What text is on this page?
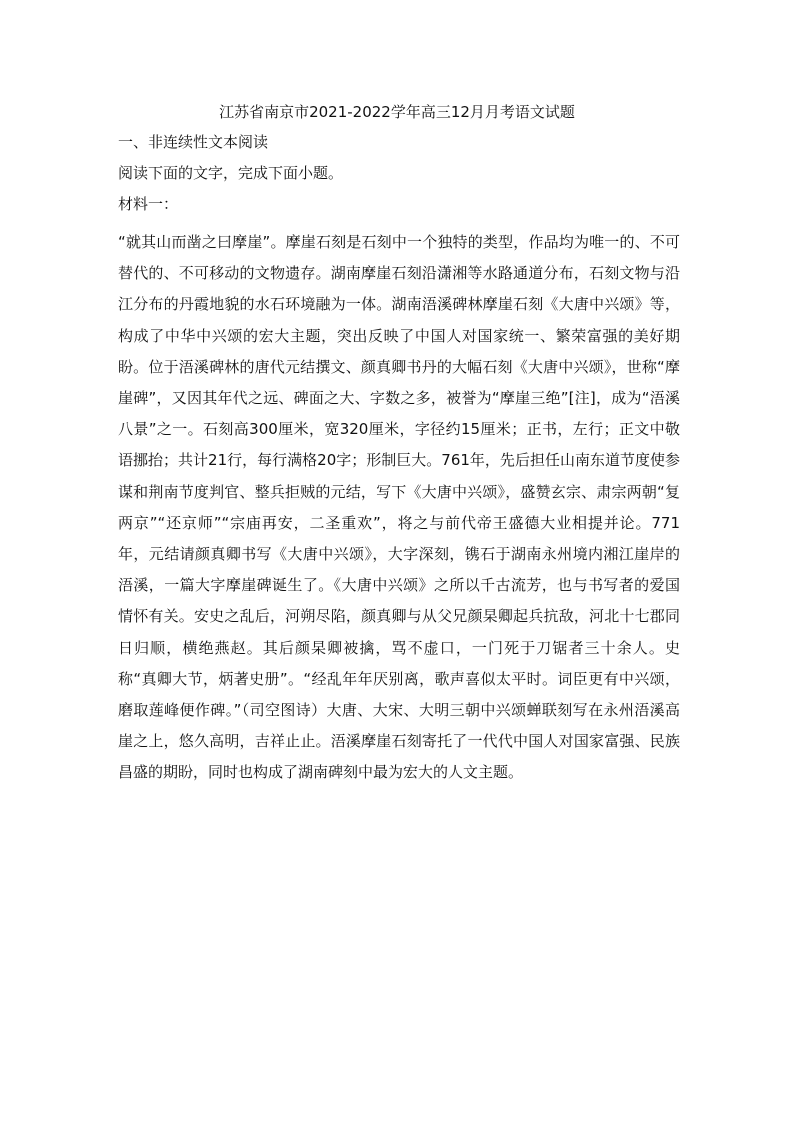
江苏省南京市2021-2022学年高三12月月考语文试题
一、非连续性文本阅读
阅读下面的文字，完成下面小题。
材料一：
“就其山而凿之曰摩崖”。摩崖石刻是石刻中一个独特的类型，作品均为唯一的、不可替代的、不可移动的文物遗存。湖南摩崖石刻沿潇湘等水路通道分布，石刻文物与沿江分布的丹霞地貌的水石环境融为一体。湖南浯溪碑林摩崖石刻《大唐中兴颂》等，构成了中华中兴颂的宏大主题，突出反映了中国人对国家统一、繁荣富强的美好期盼。位于浯溪碑林的唐代元结撰文、颜真卿书丹的大幅石刻《大唐中兴颂》，世称“摩崖碑”，又因其年代之远、碑面之大、字数之多，被誉为“摩崖三绝”[注]，成为“浯溪八景”之一。石刻高300厘米，宽320厘米，字径约15厘米；正书，左行；正文中敬语挪抬；共计21行，每行满格20字；形制巨大。761年，先后担任山南东道节度使参谋和荆南节度判官、整兵拒贼的元结，写下《大唐中兴颂》，盛赞玄宗、肃宗两朝“复两京”“还京师”“宗庙再安，二圣重欢”，将之与前代帝王盛德大业相提并论。771年，元结请颜真卿书写《大唐中兴颂》，大字深刻，镌石于湖南永州境内湘江崖岸的浯溪，一篇大字摩崖碑诞生了。《大唐中兴颂》之所以千古流芳，也与书写者的爱国情怀有关。安史之乱后，河朔尽陷，颜真卿与从父兄颜杲卿起兵抗敌，河北十七郡同日归顺，横绝燕赵。其后颜杲卿被擒，骂不虚口，一门死于刀锯者三十余人。史称“真卿大节，炳著史册”。“经乱年年厌别离，歌声喜似太平时。词臣更有中兴颂，磨取莲峰便作碑。”（司空图诗）大唐、大宋、大明三朝中兴颂蝉联刻写在永州浯溪高崖之上，悠久高明，吉祥止止。浯溪摩崖石刻寄托了一代代中国人对国家富强、民族昌盛的期盼，同时也构成了湖南碑刻中最为宏大的人文主题。
